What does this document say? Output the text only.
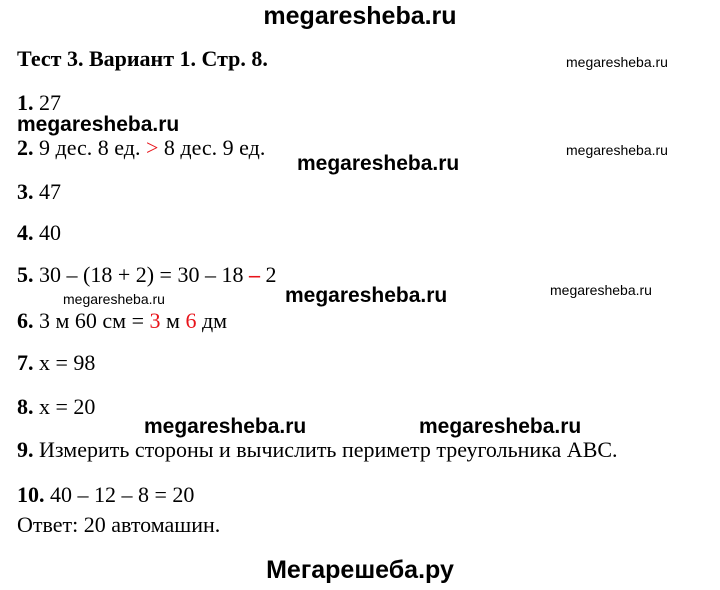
megaresheba.ru
Тест 3. Вариант 1. Стр. 8.	megaresheba.ru
1. 27
megaresheba.ru
2. 9 дес. 8 ед. > 8 дес. 9 ед.
megaresheba.ru
megaresheba.ru
3. 47
4. 40
5. 30 – (18 + 2) = 30 – 18 – 2
megaresheba.ru
megaresheba.ru
megaresheba.ru
6. 3 м 60 см = 3 м 6 дм
7. х = 98
8. х = 20
megaresheba.ru	megaresheba.ru
9. Измерить стороны и вычислить периметр треугольника АВС.
10. 40 – 12 – 8 = 20
Ответ: 20 автомашин.
Мегарешеба.ру
